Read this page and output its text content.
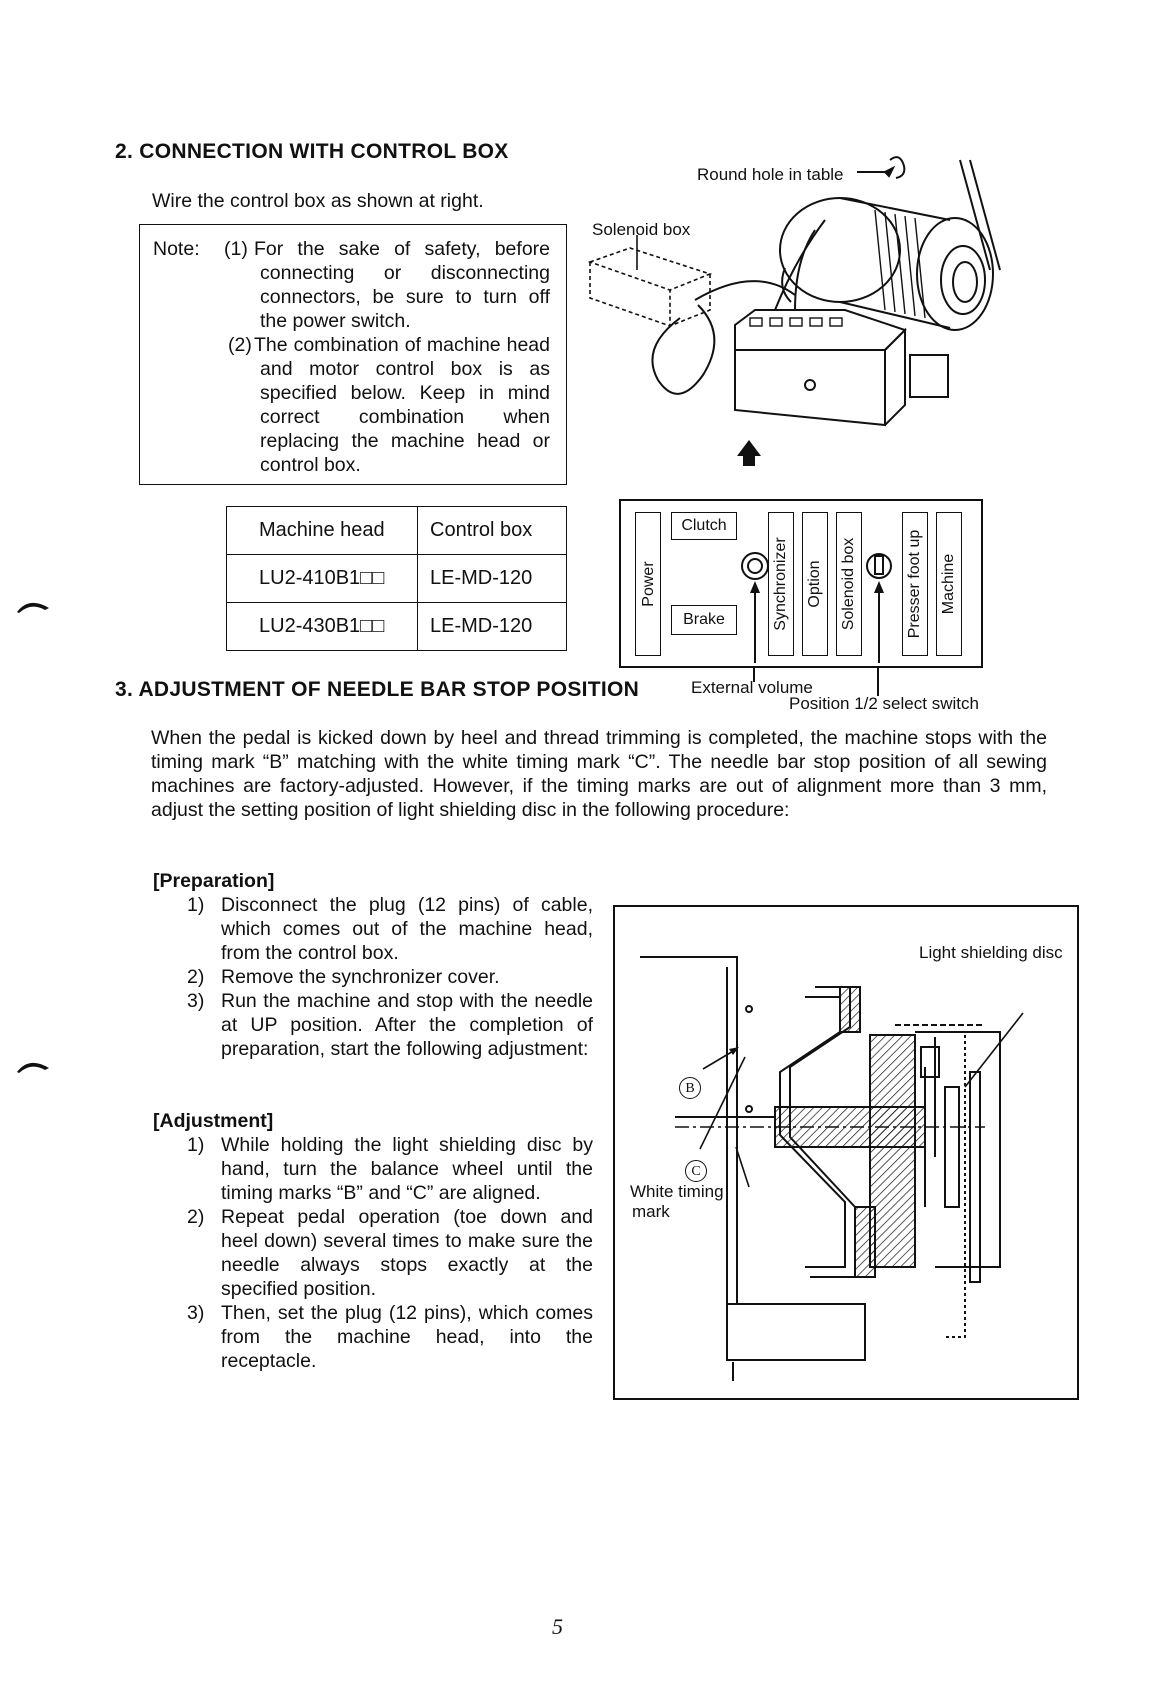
2. CONNECTION WITH CONTROL BOX
Wire the control box as shown at right.
Note: (1) For the sake of safety, before connecting or disconnecting connectors, be sure to turn off the power switch.
(2) The combination of machine head and motor control box is as specified below. Keep in mind correct combination when replacing the machine head or control box.
Machine head	Control box
LU2-410B1□□	LE-MD-120
LU2-430B1□□	LE-MD-120
Round hole in table
Solenoid box
Power
Clutch
Brake	Synchronizer Option Solenoid box	Presser foot up Machine
External volume
Position 1/2 select switch
3. ADJUSTMENT OF NEEDLE BAR STOP POSITION
When the pedal is kicked down by heel and thread trimming is completed, the machine stops with the timing mark “B” matching with the white timing mark “C”. The needle bar stop position of all sewing machines are factory-adjusted. However, if the timing marks are out of alignment more than 3 mm, adjust the setting position of light shielding disc in the following procedure:
[Preparation]
1) Disconnect the plug (12 pins) of cable, which comes out of the machine head, from the control box.
2) Remove the synchronizer cover.
3) Run the machine and stop with the needle at UP position. After the completion of preparation, start the following adjustment:
[Adjustment]
1) While holding the light shielding disc by hand, turn the balance wheel until the timing marks “B” and “C” are aligned.
2) Repeat pedal operation (toe down and heel down) several times to make sure the needle always stops exactly at the specified position.
3) Then, set the plug (12 pins), which comes from the machine head, into the receptacle.
Light shielding disc
B
C
White timing
mark
5
